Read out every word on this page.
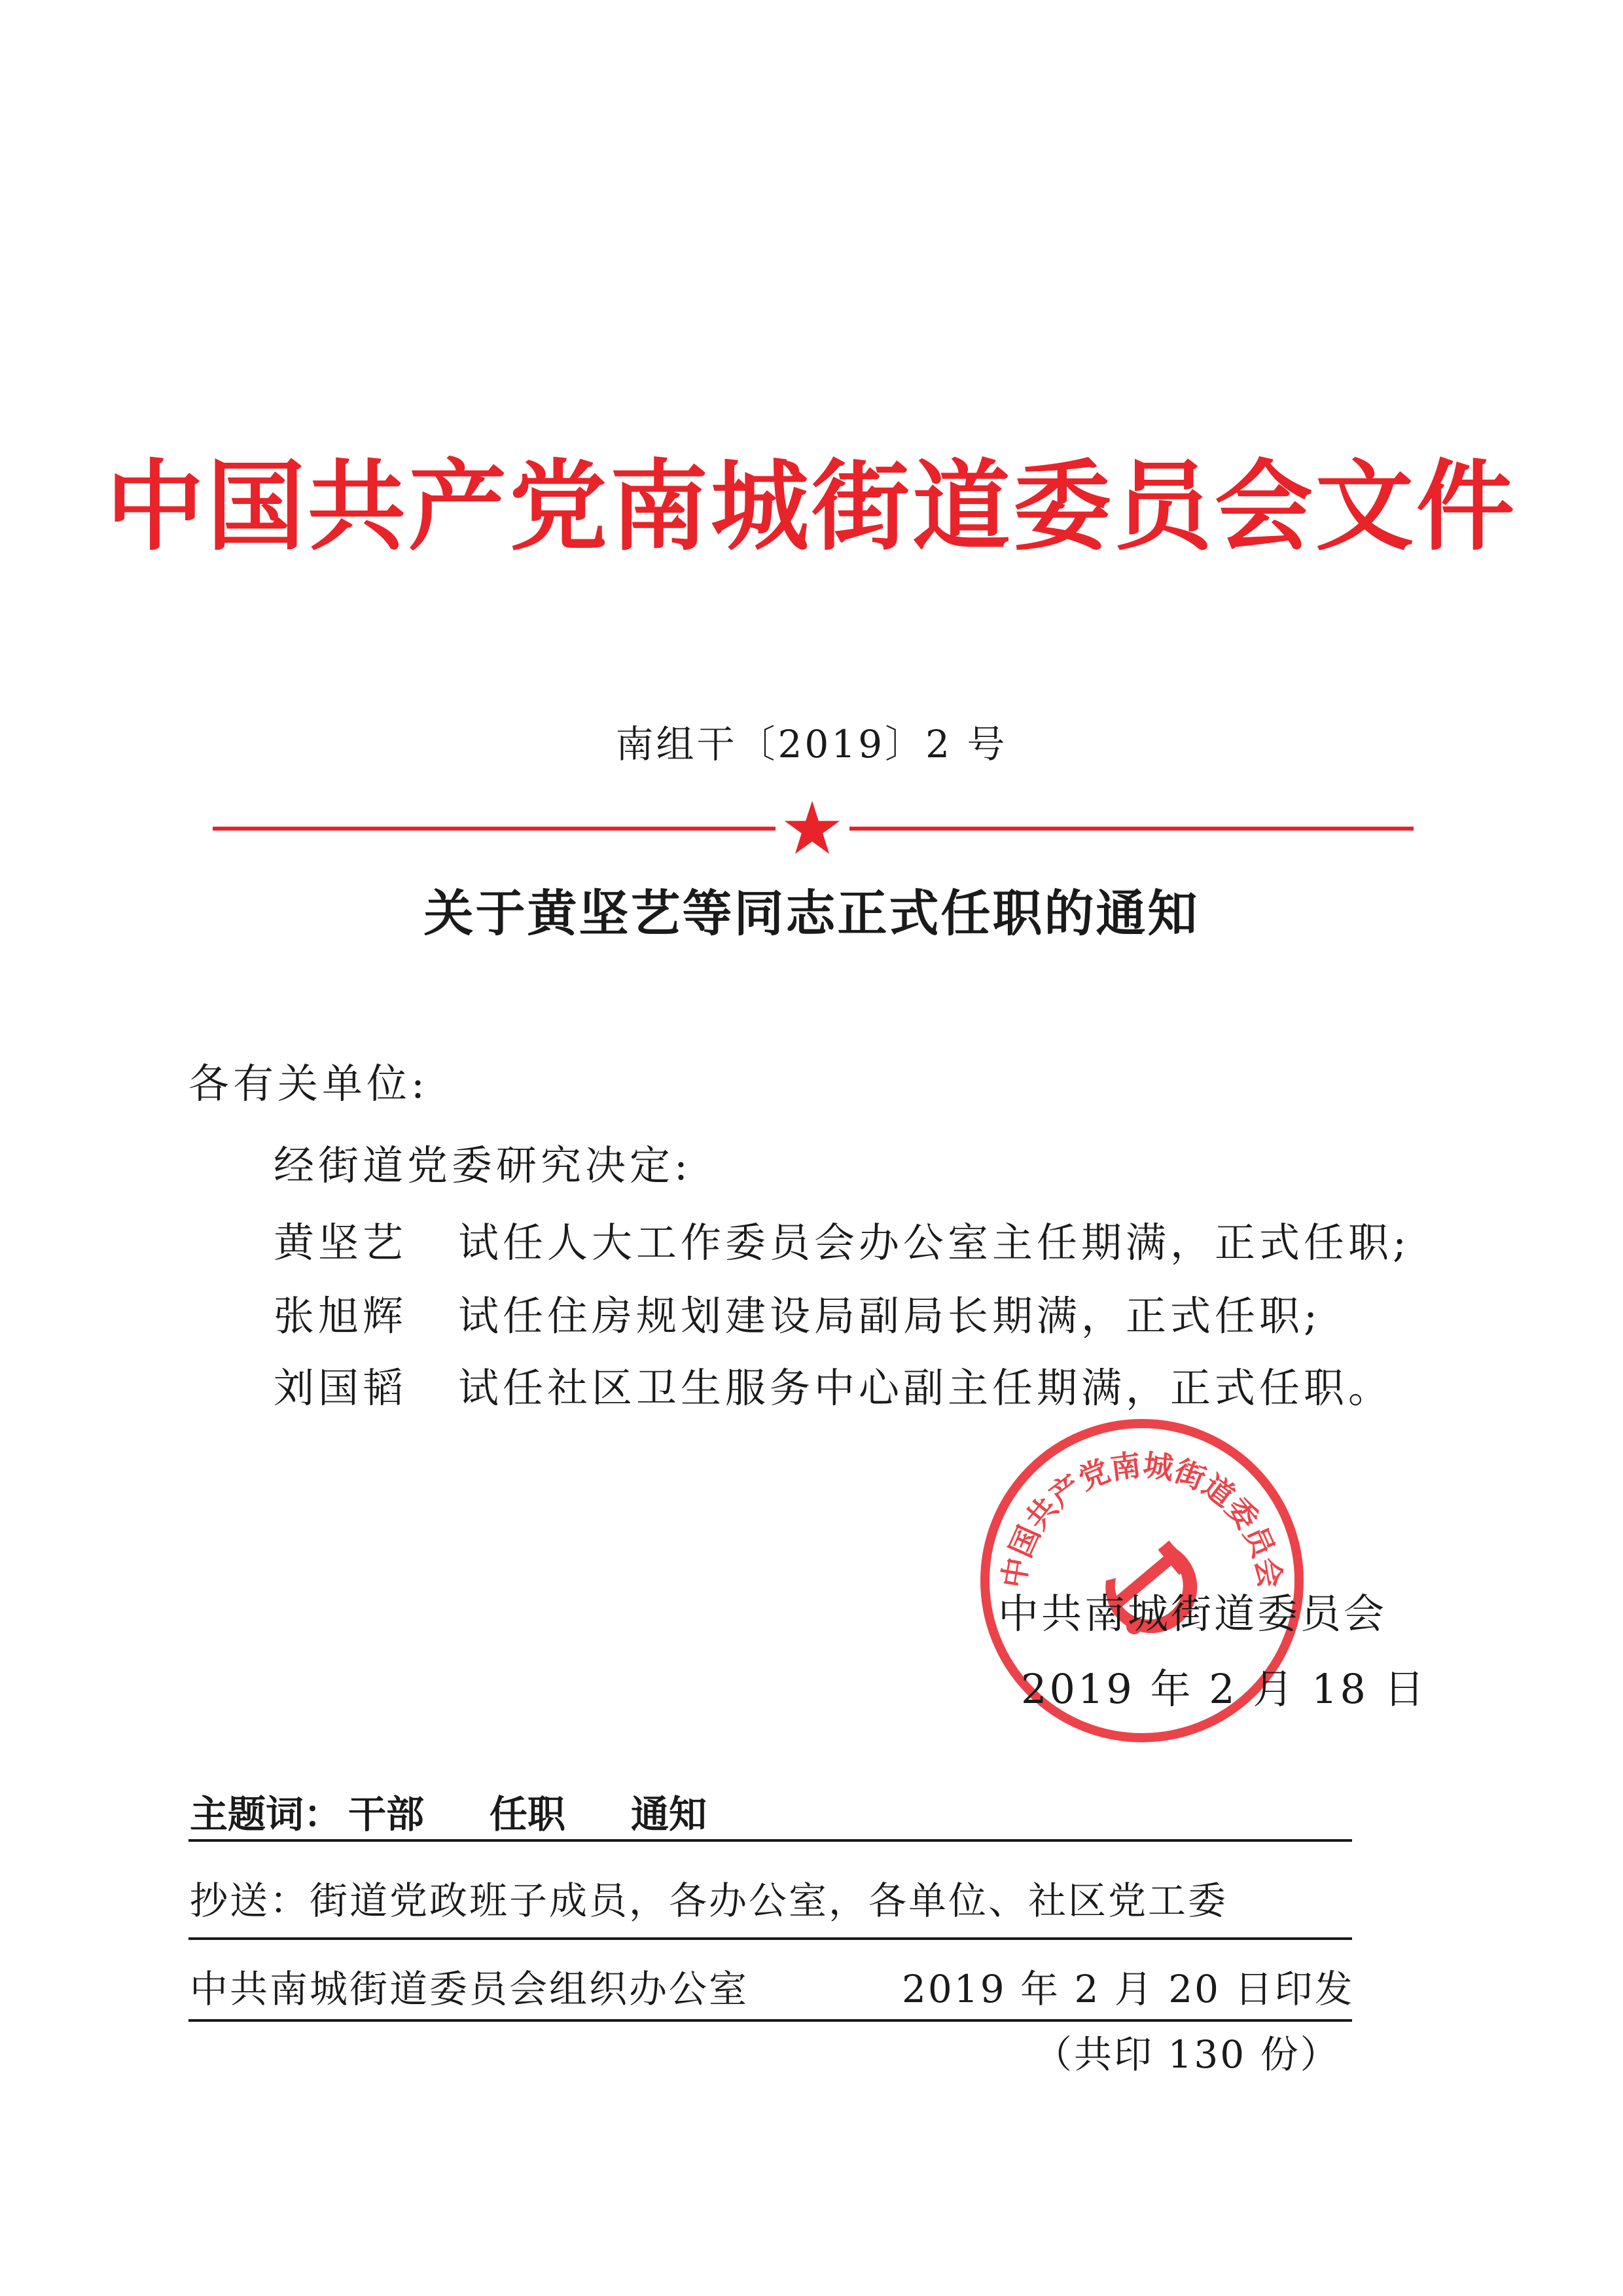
中国共产党南城街道委员会文件
南组干〔2019〕2 号
关于黄坚艺等同志正式任职的通知
各有关单位:
经街道党委研究决定:
黄坚艺 试任人大工作委员会办公室主任期满，正式任职;
张旭辉 试任住房规划建设局副局长期满，正式任职;
刘国韬 试任社区卫生服务中心副主任期满，正式任职。
中国共产党南城街道委员会
中共南城街道委员会
2019 年 2 月 18 日
主题词： 干部 任职 通知
抄送：街道党政班子成员，各办公室，各单位、社区党工委
中共南城街道委员会组织办公室	2019 年 2 月 20 日印发
（共印 130 份）
